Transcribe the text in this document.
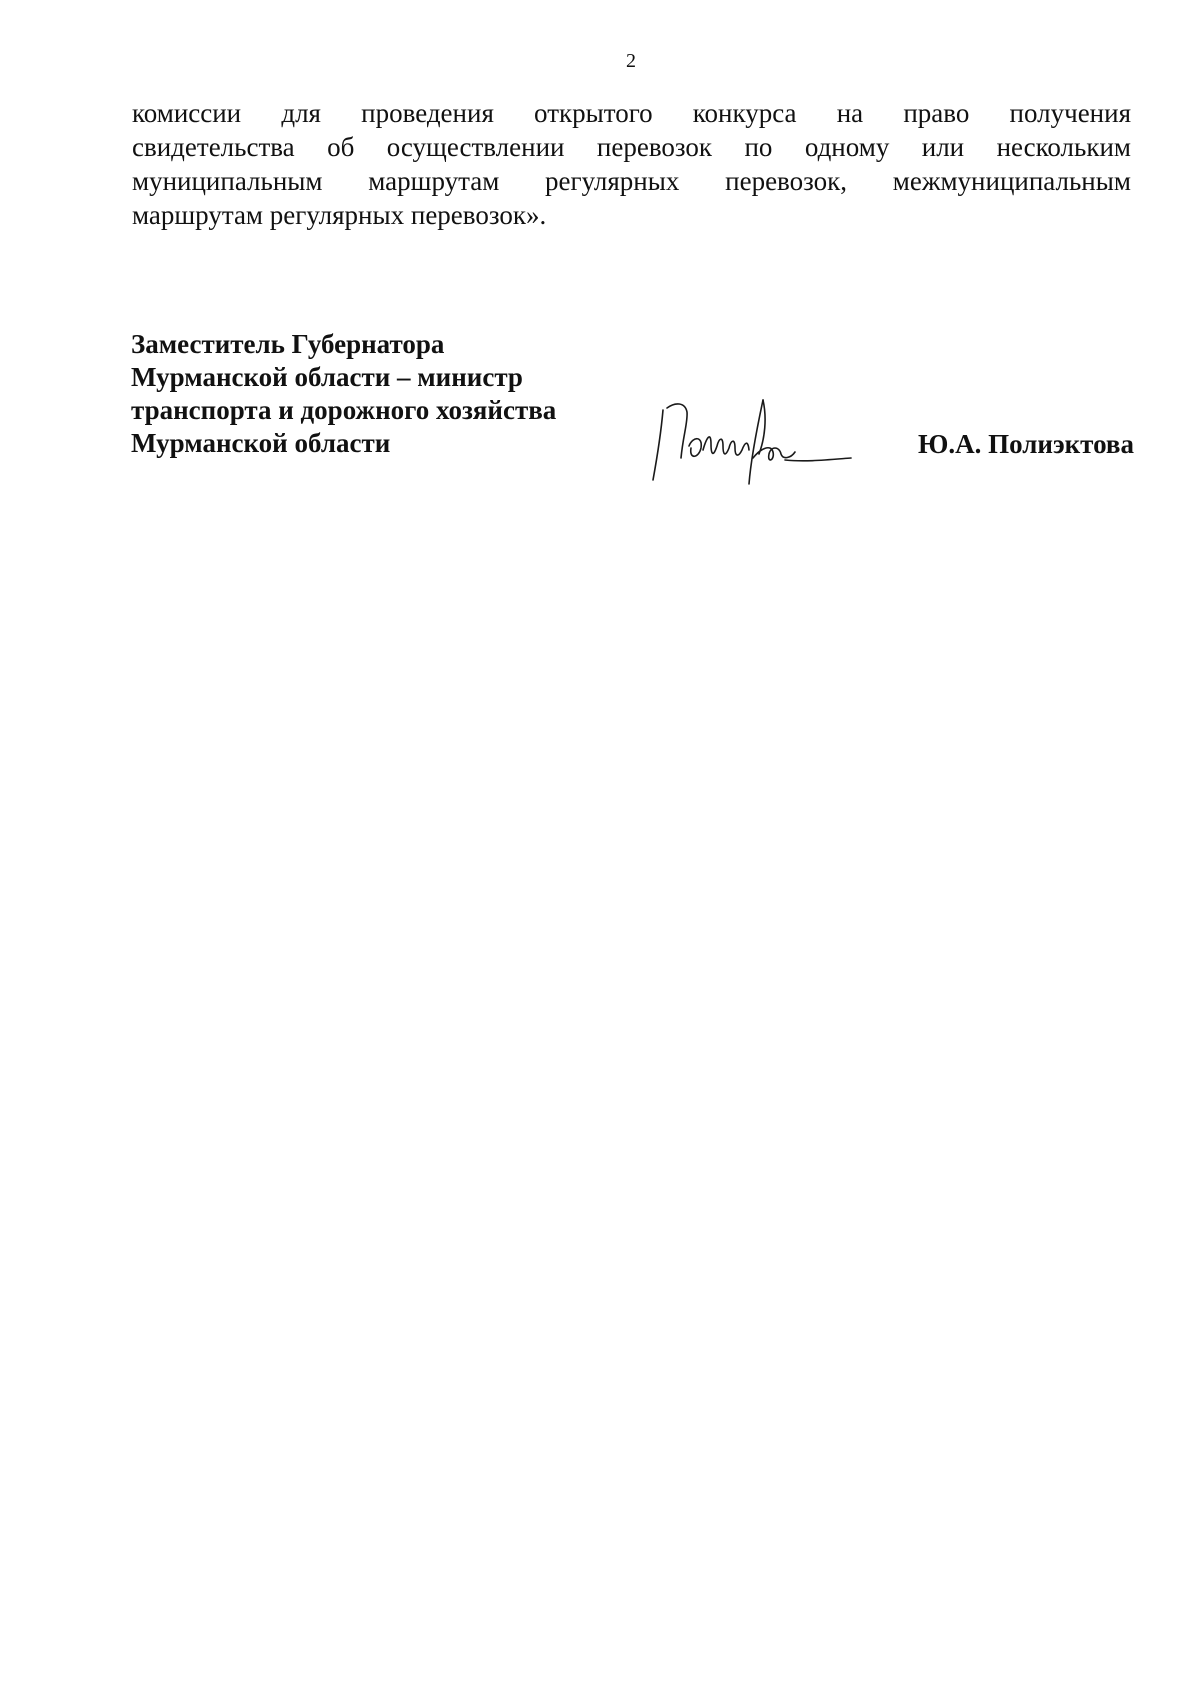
2
комиссии для проведения открытого конкурса на право получения
свидетельства об осуществлении перевозок по одному или нескольким
муниципальным маршрутам регулярных перевозок, межмуниципальным
маршрутам регулярных перевозок».
Заместитель Губернатора
Мурманской области – министр
транспорта и дорожного хозяйства
Мурманской области	Ю.А. Полиэктова
